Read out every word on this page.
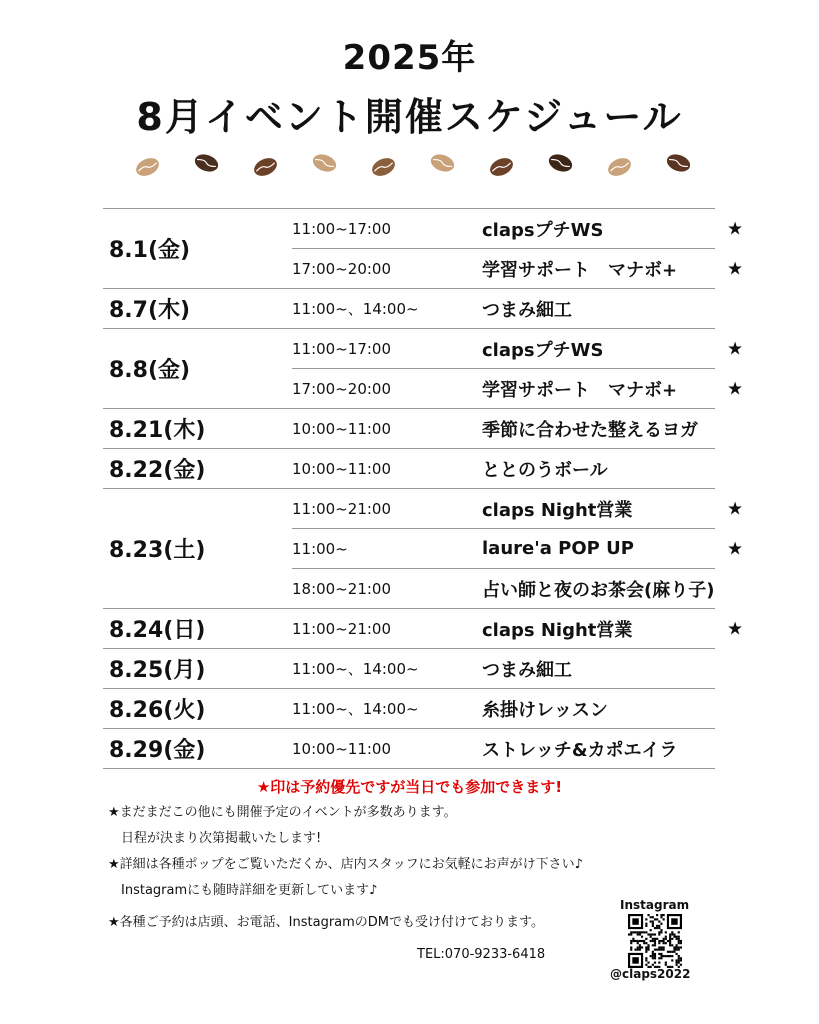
2025年
8月イベント開催スケジュール
8.1(金)	11:00~17:00	clapsプチWS ★

	17:00~20:00	学習サポート　マナボ+ ★

8.7(木)	11:00~、14:00~	つまみ細工
8.8(金)	11:00~17:00	clapsプチWS ★

	17:00~20:00	学習サポート　マナボ+ ★

8.21(木)	10:00~11:00	季節に合わせた整えるヨガ
8.22(金)	10:00~11:00	ととのうボール
8.23(土)	11:00~21:00	claps Night営業 ★

	11:00~	laure'a POP UP ★

	18:00~21:00	占い師と夜のお茶会(麻り子)
8.24(日)	11:00~21:00	claps Night営業 ★

8.25(月)	11:00~、14:00~	つまみ細工
8.26(火)	11:00~、14:00~	糸掛けレッスン
8.29(金)	10:00~11:00	ストレッチ&カポエイラ
★印は予約優先ですが当日でも参加できます!
★まだまだこの他にも開催予定のイベントが多数あります。
　日程が決まり次第掲載いたします!
★詳細は各種ポップをご覧いただくか、店内スタッフにお気軽にお声がけ下さい♪
　Instagramにも随時詳細を更新しています♪
★各種ご予約は店頭、お電話、InstagramのDMでも受け付けております。
TEL:070-9233-6418
Instagram
@claps2022
